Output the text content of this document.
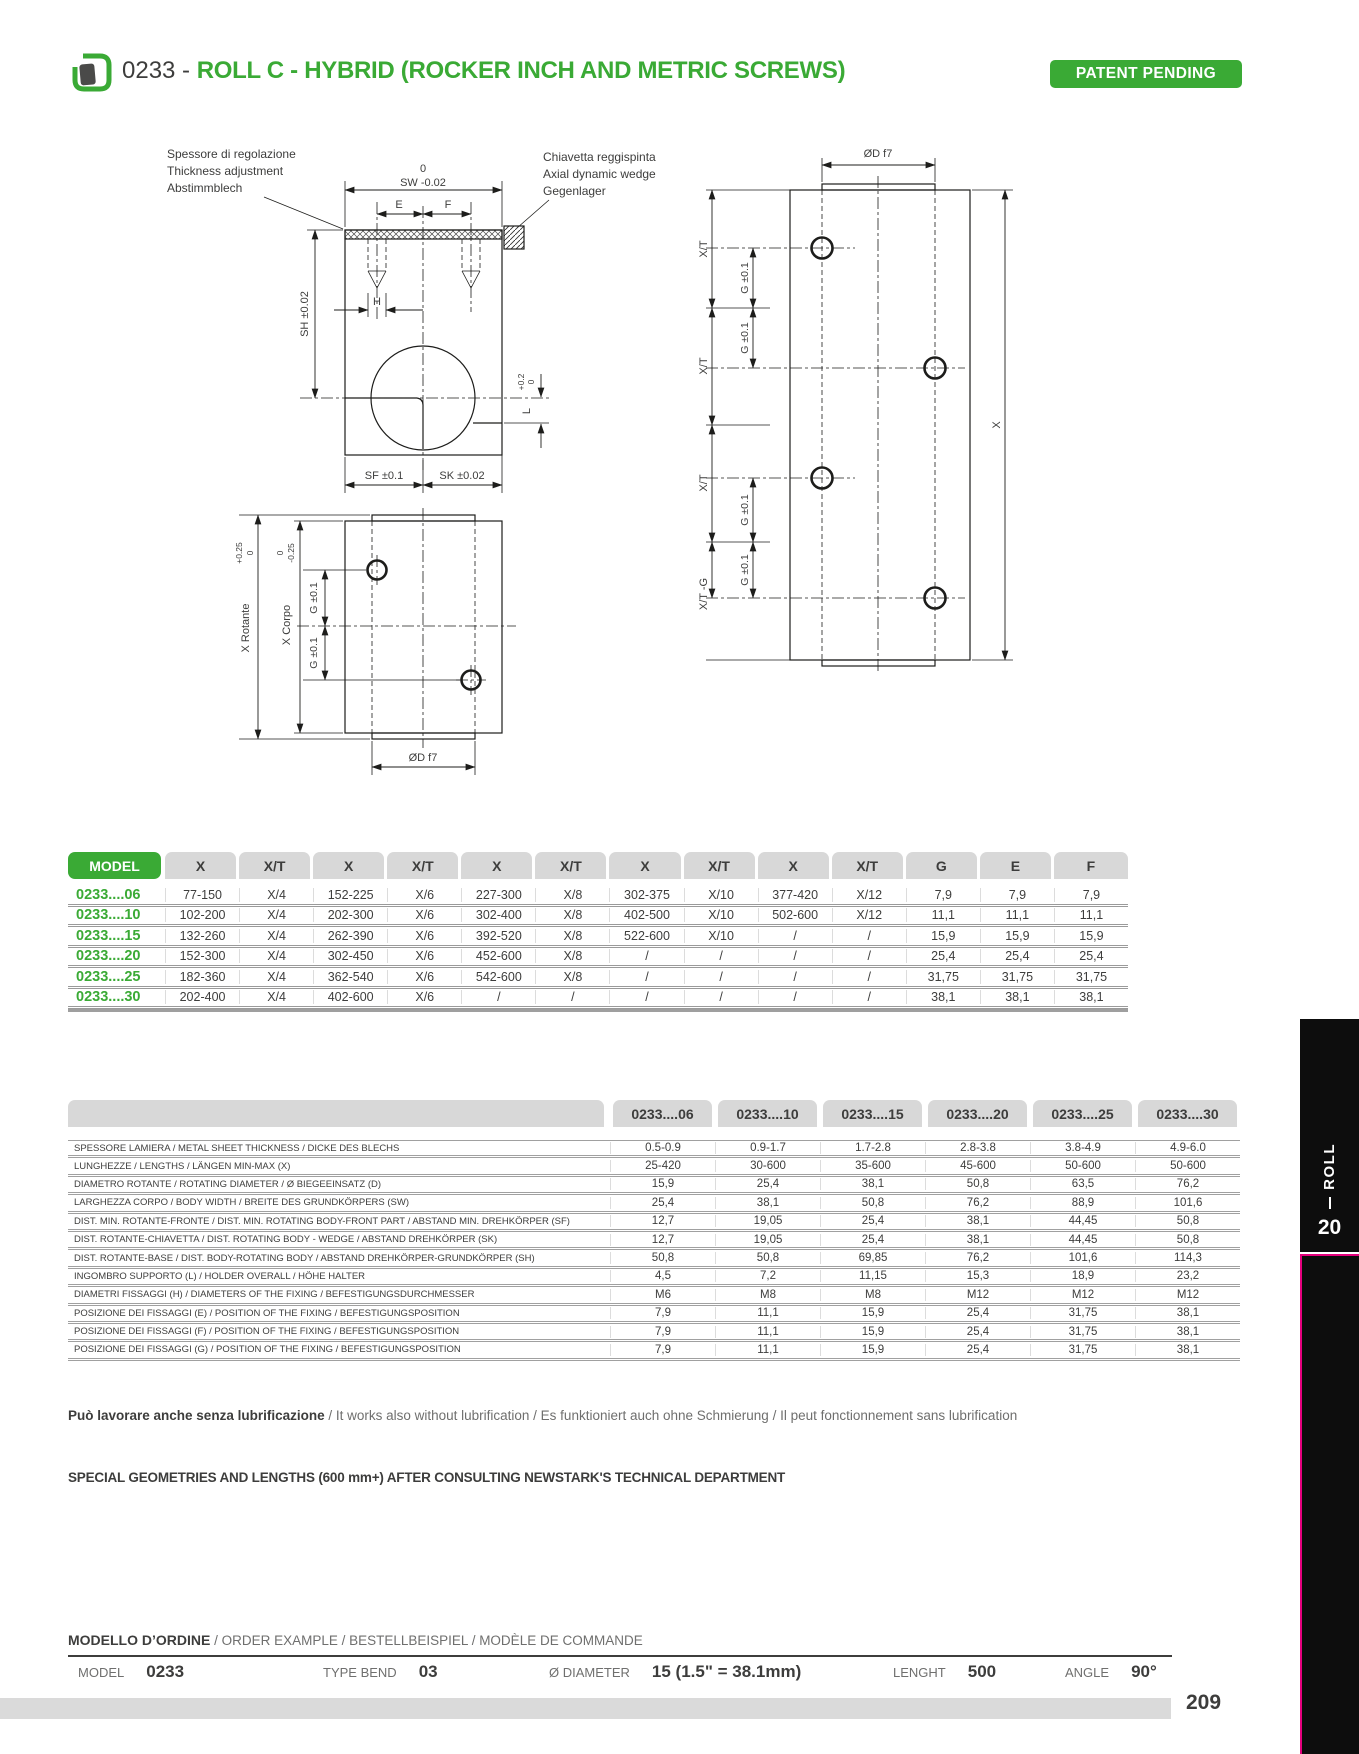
0233 - ROLL C - HYBRID (ROCKER INCH AND METRIC SCREWS)	PATENT PENDING
Spessore di regolazione
Thickness adjustment
Abstimmblech
Chiavetta reggispinta
Axial dynamic wedge
Gegenlager
0
SW -0.02
E	F
H
SH ±0.02
+0.2 0
L
SF ±0.1	SK ±0.02
G ±0.1
G ±0.1
X Corpo
0 -0.25
X Rotante
+0.25 0
ØD f7
ØD f7
X/T
X/T
X/T
X/T -G
G ±0.1
G ±0.1
G ±0.1
G ±0.1
X
MODEL	X	X/T	X	X/T	X	X/T	X	X/T	X	X/T	G	E	F
0233....06	77-150	X/4	152-225	X/6	227-300	X/8	302-375	X/10	377-420	X/12	7,9	7,9	7,9
0233....10	102-200	X/4	202-300	X/6	302-400	X/8	402-500	X/10	502-600	X/12	11,1	11,1	11,1
0233....15	132-260	X/4	262-390	X/6	392-520	X/8	522-600	X/10	/	/	15,9	15,9	15,9
0233....20	152-300	X/4	302-450	X/6	452-600	X/8	/	/	/	/	25,4	25,4	25,4
0233....25	182-360	X/4	362-540	X/6	542-600	X/8	/	/	/	/	31,75	31,75	31,75
0233....30	202-400	X/4	402-600	X/6	/	/	/	/	/	/	38,1	38,1	38,1
0233....06	0233....10	0233....15	0233....20	0233....25	0233....30
SPESSORE LAMIERA / METAL SHEET THICKNESS / DICKE DES BLECHS	0.5-0.9	0.9-1.7	1.7-2.8	2.8-3.8	3.8-4.9	4.9-6.0
LUNGHEZZE / LENGTHS / LÄNGEN MIN-MAX (X)	25-420	30-600	35-600	45-600	50-600	50-600
DIAMETRO ROTANTE / ROTATING DIAMETER / Ø BIEGEEINSATZ (D)	15,9	25,4	38,1	50,8	63,5	76,2
LARGHEZZA CORPO / BODY WIDTH / BREITE DES GRUNDKÖRPERS (SW)	25,4	38,1	50,8	76,2	88,9	101,6
DIST. MIN. ROTANTE-FRONTE / DIST. MIN. ROTATING BODY-FRONT PART / ABSTAND MIN. DREHKÖRPER (SF)	12,7	19,05	25,4	38,1	44,45	50,8
DIST. ROTANTE-CHIAVETTA / DIST. ROTATING BODY - WEDGE / ABSTAND DREHKÖRPER (SK)	12,7	19,05	25,4	38,1	44,45	50,8
DIST. ROTANTE-BASE / DIST. BODY-ROTATING BODY / ABSTAND DREHKÖRPER-GRUNDKÖRPER (SH)	50,8	50,8	69,85	76,2	101,6	114,3
INGOMBRO SUPPORTO (L) / HOLDER OVERALL / HÖHE HALTER	4,5	7,2	11,15	15,3	18,9	23,2
DIAMETRI FISSAGGI (H) / DIAMETERS OF THE FIXING / BEFESTIGUNGSDURCHMESSER	M6	M8	M8	M12	M12	M12
POSIZIONE DEI FISSAGGI (E) / POSITION OF THE FIXING / BEFESTIGUNGSPOSITION	7,9	11,1	15,9	25,4	31,75	38,1
POSIZIONE DEI FISSAGGI (F) / POSITION OF THE FIXING / BEFESTIGUNGSPOSITION	7,9	11,1	15,9	25,4	31,75	38,1
POSIZIONE DEI FISSAGGI (G) / POSITION OF THE FIXING / BEFESTIGUNGSPOSITION	7,9	11,1	15,9	25,4	31,75	38,1
Può lavorare anche senza lubrificazione / It works also without lubrification / Es funktioniert auch ohne Schmierung / Il peut fonctionnement sans lubrification
SPECIAL GEOMETRIES AND LENGTHS (600 mm+) AFTER CONSULTING NEWSTARK'S TECHNICAL DEPARTMENT
MODELLO D’ORDINE / ORDER EXAMPLE / BESTELLBEISPIEL / MODÈLE DE COMMANDE
MODEL 0233	TYPE BEND 03	Ø DIAMETER 15 (1.5" = 38.1mm)	LENGHT 500	ANGLE 90°
209
ROLL
20
